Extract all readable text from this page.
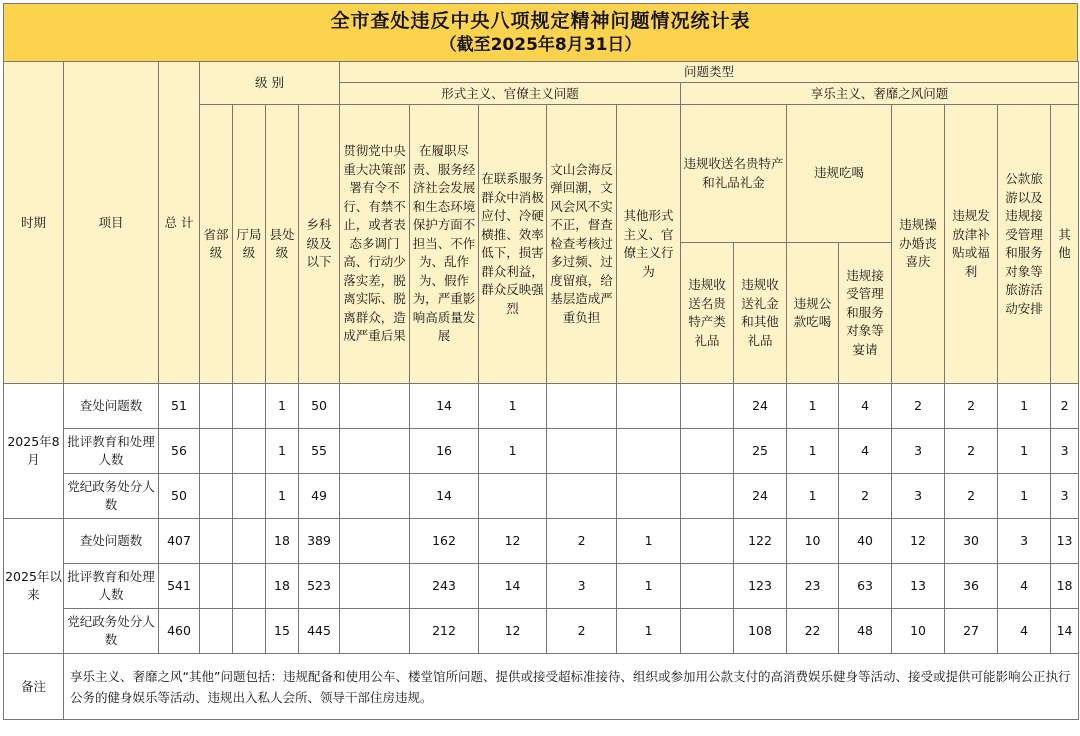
全市查处违反中央八项规定精神问题情况统计表
（截至2025年8月31日）
时期	项目	总 计	级 别				问题类型												
							形式主义、官僚主义问题					享乐主义、奢靡之风问题							
			省部级	厅局级	县处级	乡科级及以下	贯彻党中央重大决策部署有令不行、有禁不止，或者表态多调门高、行动少落实差，脱离实际、脱离群众，造成严重后果	在履职尽责、服务经济社会发展和生态环境保护方面不担当、不作为、乱作为、假作为，严重影响高质量发展	在联系服务群众中消极应付、冷硬横推、效率低下，损害群众利益，群众反映强烈	文山会海反弹回潮，文风会风不实不正，督查检查考核过多过频、过度留痕，给基层造成严重负担	其他形式主义、官僚主义行为	违规收送名贵特产和礼品礼金		违规吃喝		违规操办婚丧喜庆	违规发放津补贴或福利	公款旅游以及违规接受管理和服务对象等旅游活动安排	其他
												违规收送名贵特产类礼品	违规收送礼金和其他礼品	违规公款吃喝	违规接受管理和服务对象等宴请				
2025年8月	查处问题数	51			1	50		14	1				24	1	4	2	2	1	2
	批评教育和处理人数	56			1	55		16	1				25	1	4	3	2	1	3
	党纪政务处分人数	50			1	49		14					24	1	2	3	2	1	3
2025年以来	查处问题数	407			18	389		162	12	2	1		122	10	40	12	30	3	13
	批评教育和处理人数	541			18	523		243	14	3	1		123	23	63	13	36	4	18
	党纪政务处分人数	460			15	445		212	12	2	1		108	22	48	10	27	4	14
备注	享乐主义、奢靡之风“其他”问题包括：违规配备和使用公车、楼堂馆所问题、提供或接受超标准接待、组织或参加用公款支付的高消费娱乐健身等活动、接受或提供可能影响公正执行公务的健身娱乐等活动、违规出入私人会所、领导干部住房违规。																		
